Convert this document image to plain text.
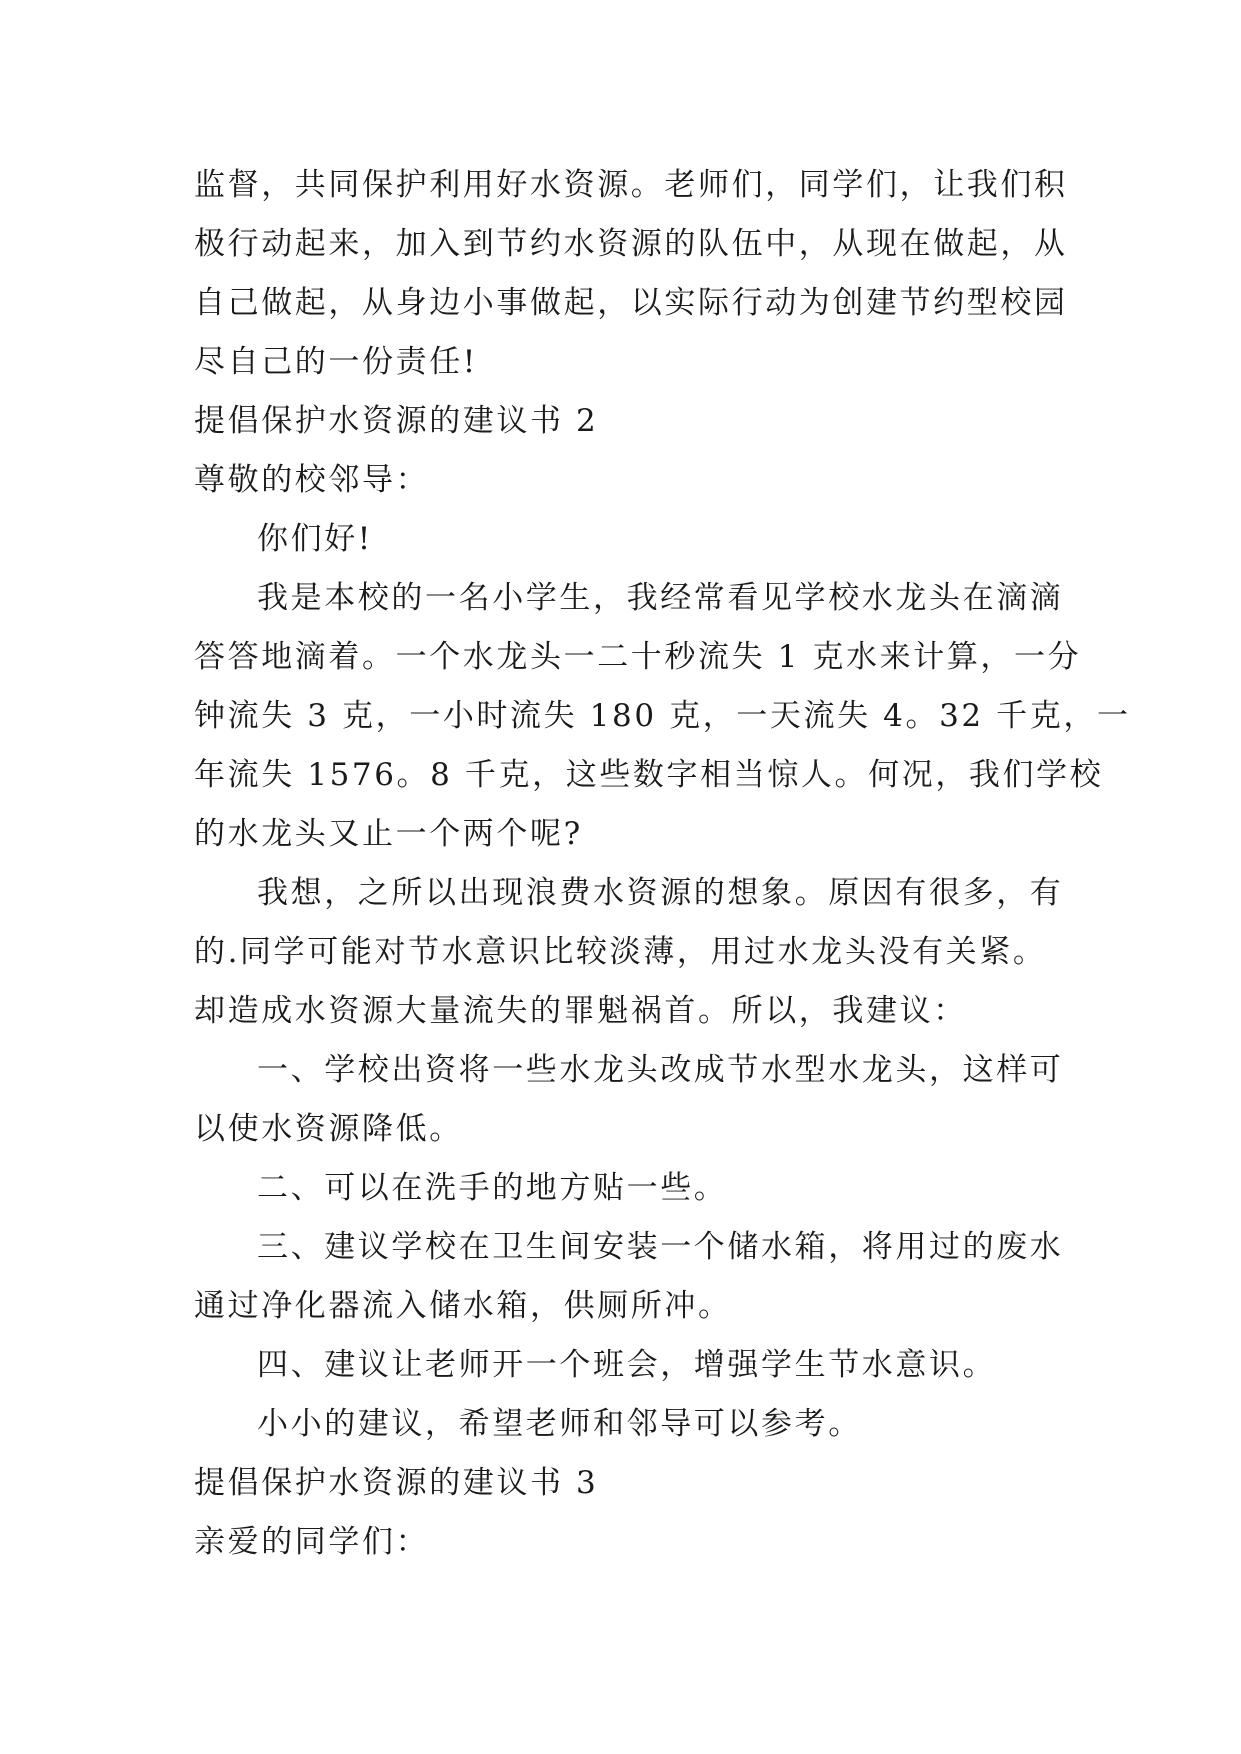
监督，共同保护利用好水资源。老师们，同学们，让我们积
极行动起来，加入到节约水资源的队伍中，从现在做起，从
自己做起，从身边小事做起，以实际行动为创建节约型校园
尽自己的一份责任!
提倡保护水资源的建议书 2
尊敬的校邻导：
你们好!
我是本校的一名小学生，我经常看见学校水龙头在滴滴
答答地滴着。一个水龙头一二十秒流失 1 克水来计算，一分
钟流失 3 克，一小时流失 180 克，一天流失 4。32 千克，一
年流失 1576。8 千克，这些数字相当惊人。何况，我们学校
的水龙头又止一个两个呢?
我想，之所以出现浪费水资源的想象。原因有很多，有
的.同学可能对节水意识比较淡薄，用过水龙头没有关紧。
却造成水资源大量流失的罪魁祸首。所以，我建议：
一、学校出资将一些水龙头改成节水型水龙头，这样可
以使水资源降低。
二、可以在洗手的地方贴一些。
三、建议学校在卫生间安装一个储水箱，将用过的废水
通过净化器流入储水箱，供厕所冲。
四、建议让老师开一个班会，增强学生节水意识。
小小的建议，希望老师和邻导可以参考。
提倡保护水资源的建议书 3
亲爱的同学们：
